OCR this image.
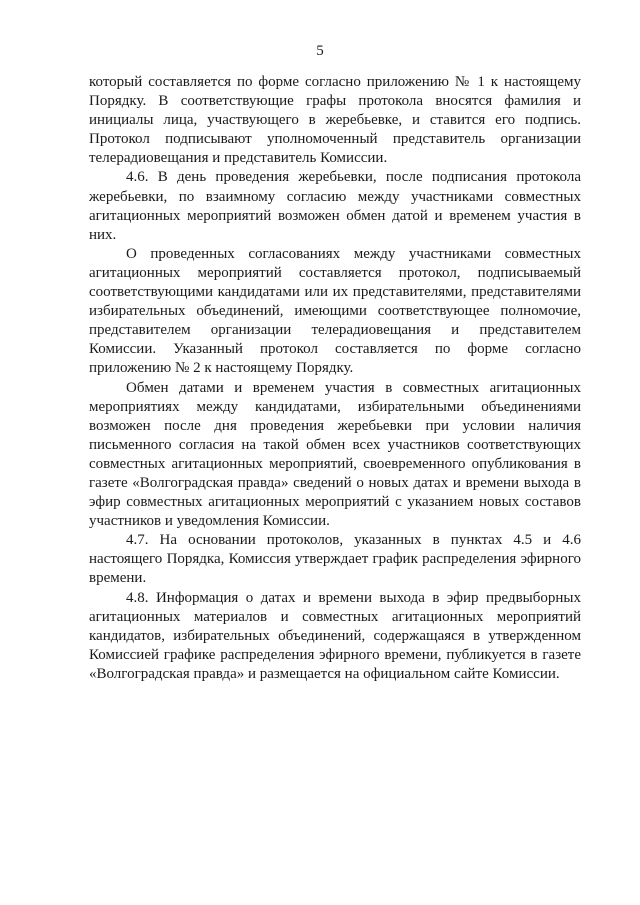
5

который составляется по форме согласно приложению № 1 к настоящему Порядку. В соответствующие графы протокола вносятся фамилия и инициалы лица, участвующего в жеребьевке, и ставится его подпись. Протокол подписывают уполномоченный представитель организации телерадиовещания и представитель Комиссии.

4.6. В день проведения жеребьевки, после подписания протокола жеребьевки, по взаимному согласию между участниками совместных агитационных мероприятий возможен обмен датой и временем участия в них.

О проведенных согласованиях между участниками совместных агитационных мероприятий составляется протокол, подписываемый соответствующими кандидатами или их представителями, представителями избирательных объединений, имеющими соответствующее полномочие, представителем организации телерадиовещания и представителем Комиссии. Указанный протокол составляется по форме согласно приложению № 2 к настоящему Порядку.

Обмен датами и временем участия в совместных агитационных мероприятиях между кандидатами, избирательными объединениями возможен после дня проведения жеребьевки при условии наличия письменного согласия на такой обмен всех участников соответствующих совместных агитационных мероприятий, своевременного опубликования в газете «Волгоградская правда» сведений о новых датах и времени выхода в эфир совместных агитационных мероприятий с указанием новых составов участников и уведомления Комиссии.

4.7. На основании протоколов, указанных в пунктах 4.5 и 4.6 настоящего Порядка, Комиссия утверждает график распределения эфирного времени.

4.8. Информация о датах и времени выхода в эфир предвыборных агитационных материалов и совместных агитационных мероприятий кандидатов, избирательных объединений, содержащаяся в утвержденном Комиссией графике распределения эфирного времени, публикуется в газете «Волгоградская правда» и размещается на официальном сайте Комиссии.
